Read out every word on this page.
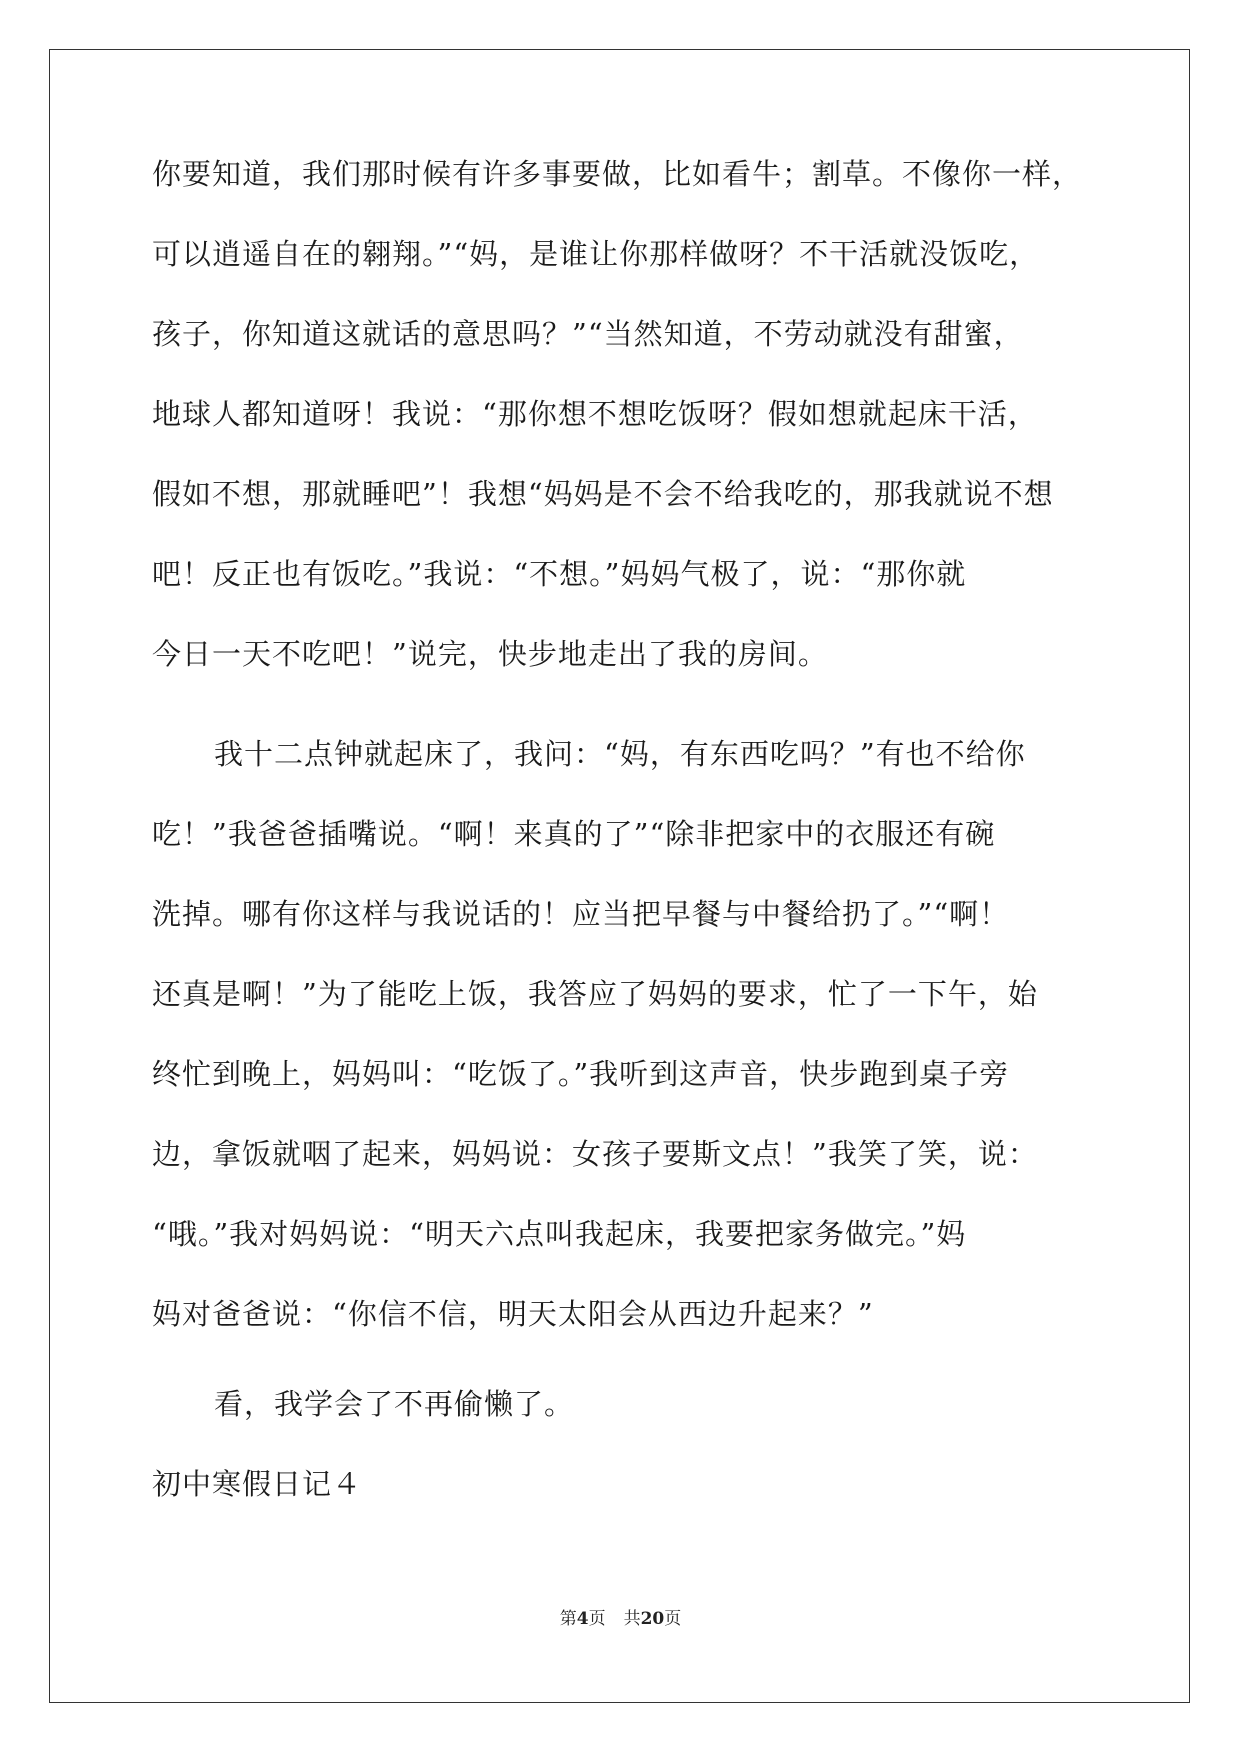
你要知道，我们那时候有许多事要做，比如看牛；割草。不像你一样，
可以逍遥自在的翱翔。”“妈，是谁让你那样做呀？不干活就没饭吃，
孩子，你知道这就话的意思吗？”“当然知道，不劳动就没有甜蜜，
地球人都知道呀！我说：“那你想不想吃饭呀？假如想就起床干活，
假如不想，那就睡吧”！我想“妈妈是不会不给我吃的，那我就说不想
吧！反正也有饭吃。”我说：“不想。”妈妈气极了，说：“那你就
今日一天不吃吧！”说完，快步地走出了我的房间。
我十二点钟就起床了，我问：“妈，有东西吃吗？”有也不给你
吃！”我爸爸插嘴说。“啊！来真的了”“除非把家中的衣服还有碗
洗掉。哪有你这样与我说话的！应当把早餐与中餐给扔了。”“啊！
还真是啊！”为了能吃上饭，我答应了妈妈的要求，忙了一下午，始
终忙到晚上，妈妈叫：“吃饭了。”我听到这声音，快步跑到桌子旁
边，拿饭就咽了起来，妈妈说：女孩子要斯文点！”我笑了笑，说：
“哦。”我对妈妈说：“明天六点叫我起床，我要把家务做完。”妈
妈对爸爸说：“你信不信，明天太阳会从西边升起来？”
看，我学会了不再偷懒了。
初中寒假日记４
第4页 共20页
